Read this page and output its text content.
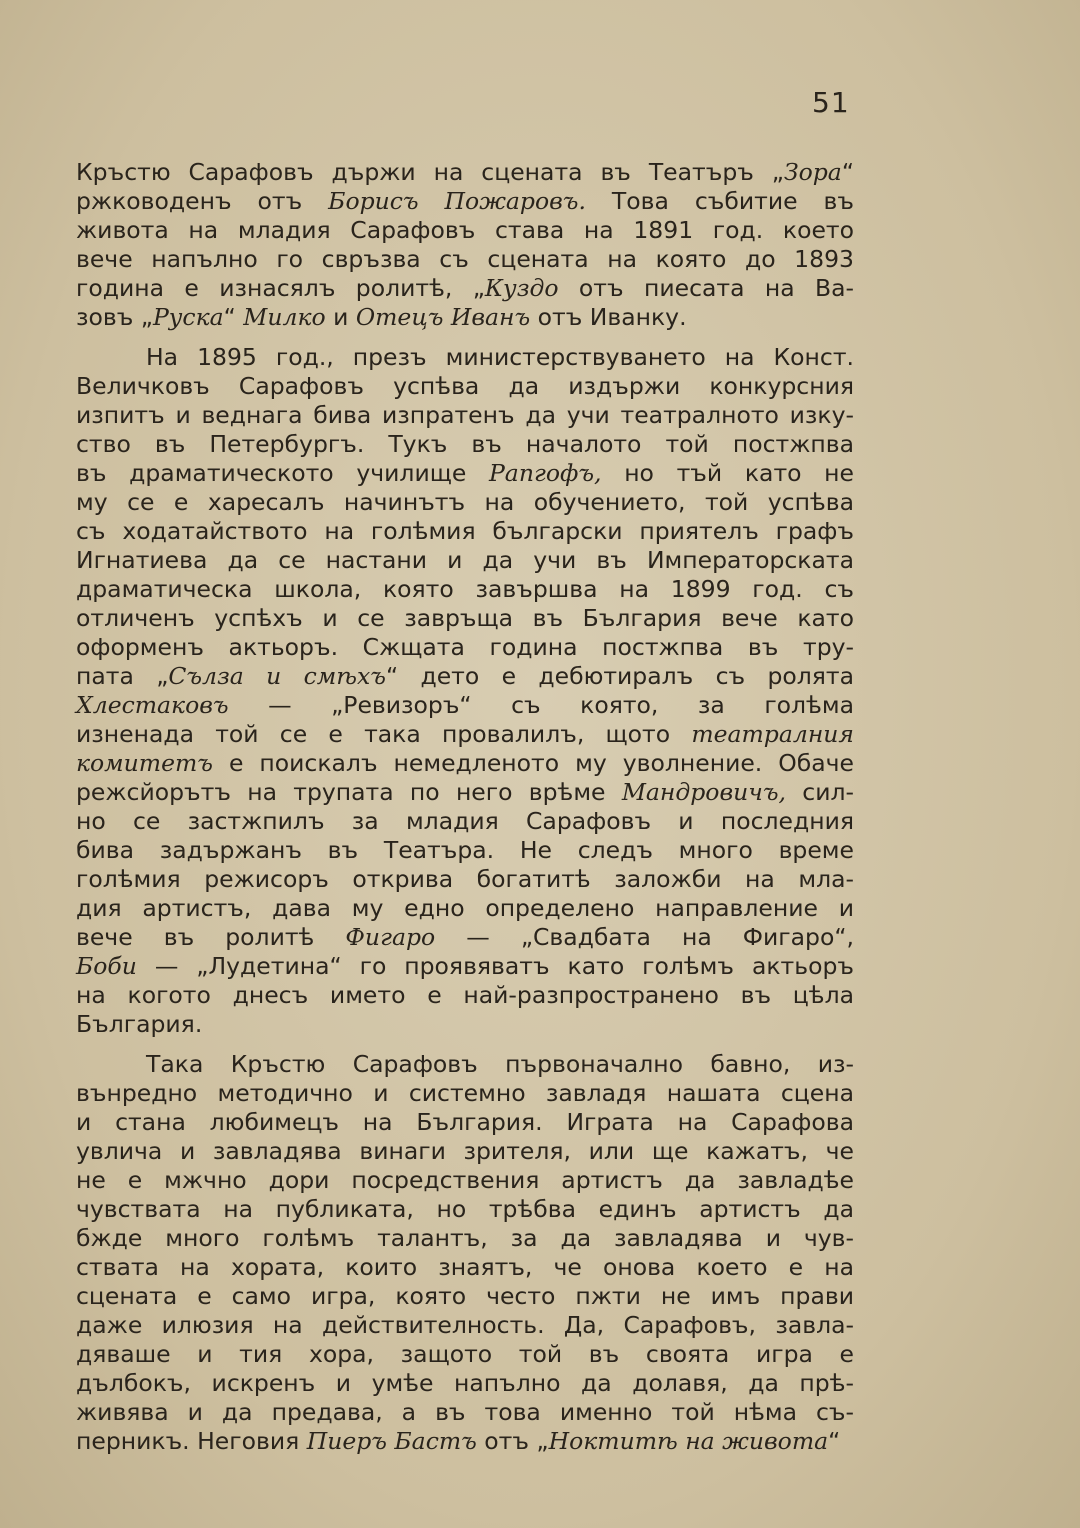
51
Кръстю Сарафовъ държи на сцената въ Театъръ „Зора“
ржководенъ отъ Борисъ Пожаровъ. Това събитие въ
живота на младия Сарафовъ става на 1891 год. което
вече напълно го свръзва съ сцената на която до 1893
година е изнасялъ ролитѣ, „Куздо отъ пиесата на Ва-
зовъ „Руска“ Милко и Отецъ Иванъ отъ Иванку.
На 1895 год., презъ министерствуването на Конст.
Величковъ Сарафовъ успѣва да издържи конкурсния
изпитъ и веднага бива изпратенъ да учи театралното изку-
ство въ Петербургъ. Тукъ въ началото той постжпва
въ драматическото училище Рапгофъ, но тъй като не
му се е харесалъ начинътъ на обучението, той успѣва
съ ходатайството на голѣмия български приятелъ графъ
Игнатиева да се настани и да учи въ Императорската
драматическа школа, която завършва на 1899 год. съ
отличенъ успѣхъ и се завръща въ България вече като
оформенъ актьоръ. Сжщата година постжпва въ тру-
пата „Сълза и смѣхъ“ дето е дебютиралъ съ ролята
Хлестаковъ — „Ревизоръ“ съ която, за голѣма
изненада той се е така провалилъ, щото театралния
комитетъ е поискалъ немедленото му уволнение. Обаче
режсйорътъ на трупата по него врѣме Мандровичъ, сил-
но се застжпилъ за младия Сарафовъ и последния
бива задържанъ въ Театъра. Не следъ много време
голѣмия режисоръ открива богатитѣ заложби на мла-
дия артистъ, дава му едно определено направление и
вече въ ролитѣ Фигаро — „Свадбата на Фигаро“,
Боби — „Лудетина“ го проявяватъ като голѣмъ актьоръ
на когото днесъ името е най-разпространено въ цѣла
България.
Така Кръстю Сарафовъ първоначално бавно, из-
вънредно методично и системно завладя нашата сцена
и стана любимецъ на България. Играта на Сарафова
увлича и завладява винаги зрителя, или ще кажатъ, че
не е мжчно дори посредствения артистъ да завладѣе
чувствата на публиката, но трѣбва единъ артистъ да
бжде много голѣмъ талантъ, за да завладява и чув-
ствата на хората, които знаятъ, че онова което е на
сцената е само игра, която често пжти не имъ прави
даже илюзия на действителность. Да, Сарафовъ, завла-
дяваше и тия хора, защото той въ своята игра е
дълбокъ, искренъ и умѣе напълно да долавя, да прѣ-
живява и да предава, а въ това именно той нѣма съ-
перникъ. Неговия Пиеръ Бастъ отъ „Ноктитѣ на живота“
